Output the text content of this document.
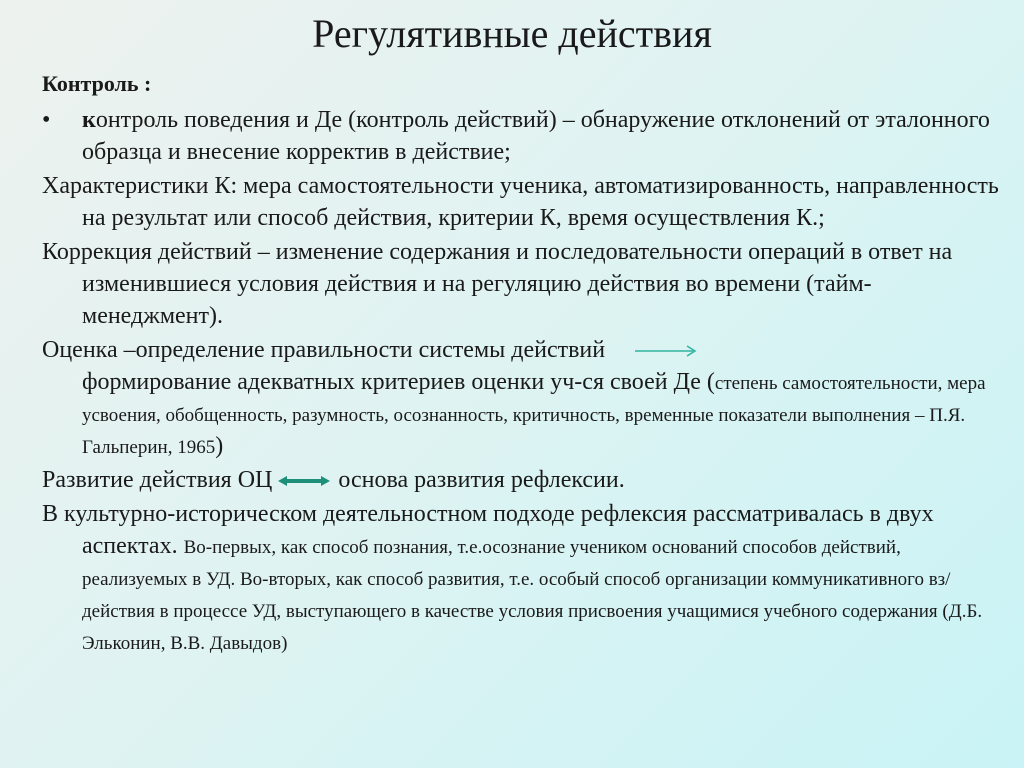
Регулятивные действия
Контроль :
• контроль поведения и Де (контроль действий) – обнаружение отклонений от эталонного образца и внесение корректив в действие;
Характеристики К: мера самостоятельности ученика, автоматизированность, направленность на результат или способ действия, критерии К, время осуществления К.;
Коррекция действий – изменение содержания и последовательности операций в ответ на изменившиеся условия действия и на регуляцию действия во времени (тайм-менеджмент).
Оценка –определение правильности системы действий
формирование адекватных критериев оценки уч-ся своей Де (степень самостоятельности, мера усвоения, обобщенность, разумность, осознанность, критичность, временные показатели выполнения – П.Я. Гальперин, 1965)
Развитие действия ОЦ	основа развития рефлексии.
В культурно-историческом деятельностном подходе рефлексия рассматривалась в двух аспектах. Во-первых, как способ познания, т.е.осознание учеником оснований способов действий, реализуемых в УД. Во-вторых, как способ развития, т.е. особый способ организации коммуникативного вз/действия в процессе УД, выступающего в качестве условия присвоения учащимися учебного содержания (Д.Б. Эльконин, В.В. Давыдов)
